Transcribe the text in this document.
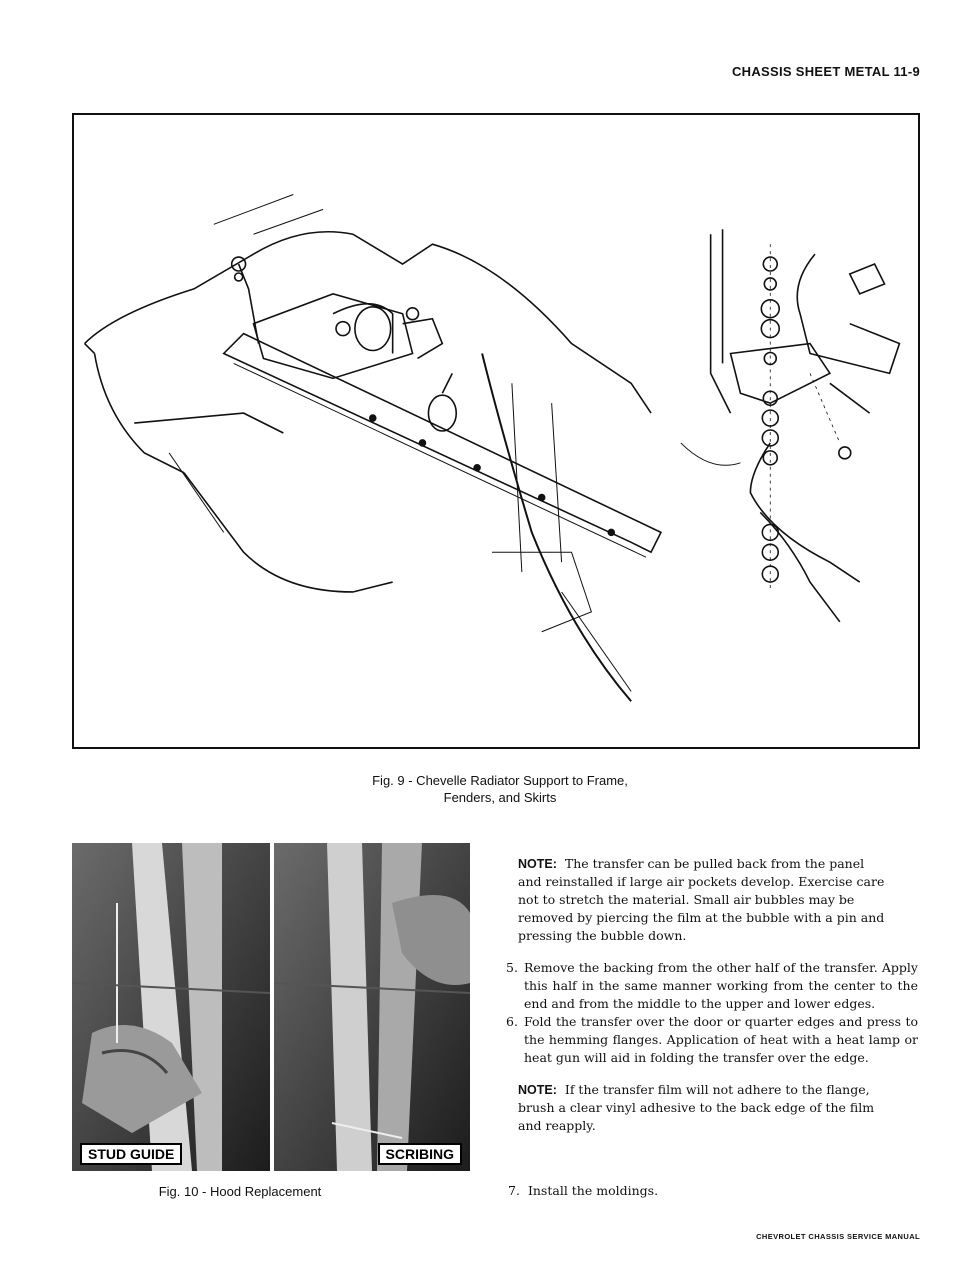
CHASSIS SHEET METAL 11-9
Fig. 9 - Chevelle Radiator Support to Frame,
Fenders, and Skirts
STUD GUIDE	SCRIBING
Fig. 10 - Hood Replacement

NOTE: The transfer can be pulled back from the panel and reinstalled if large air pockets develop. Exercise care not to stretch the material. Small air bubbles may be removed by piercing the film at the bubble with a pin and pressing the bubble down.

5. Remove the backing from the other half of the transfer. Apply this half in the same manner working from the center to the end and from the middle to the upper and lower edges.
6. Fold the transfer over the door or quarter edges and press to the hemming flanges. Application of heat with a heat lamp or heat gun will aid in folding the transfer over the edge.

NOTE: If the transfer film will not adhere to the flange, brush a clear vinyl adhesive to the back edge of the film and reapply.

7. Install the moldings.
CHEVROLET CHASSIS SERVICE MANUAL
